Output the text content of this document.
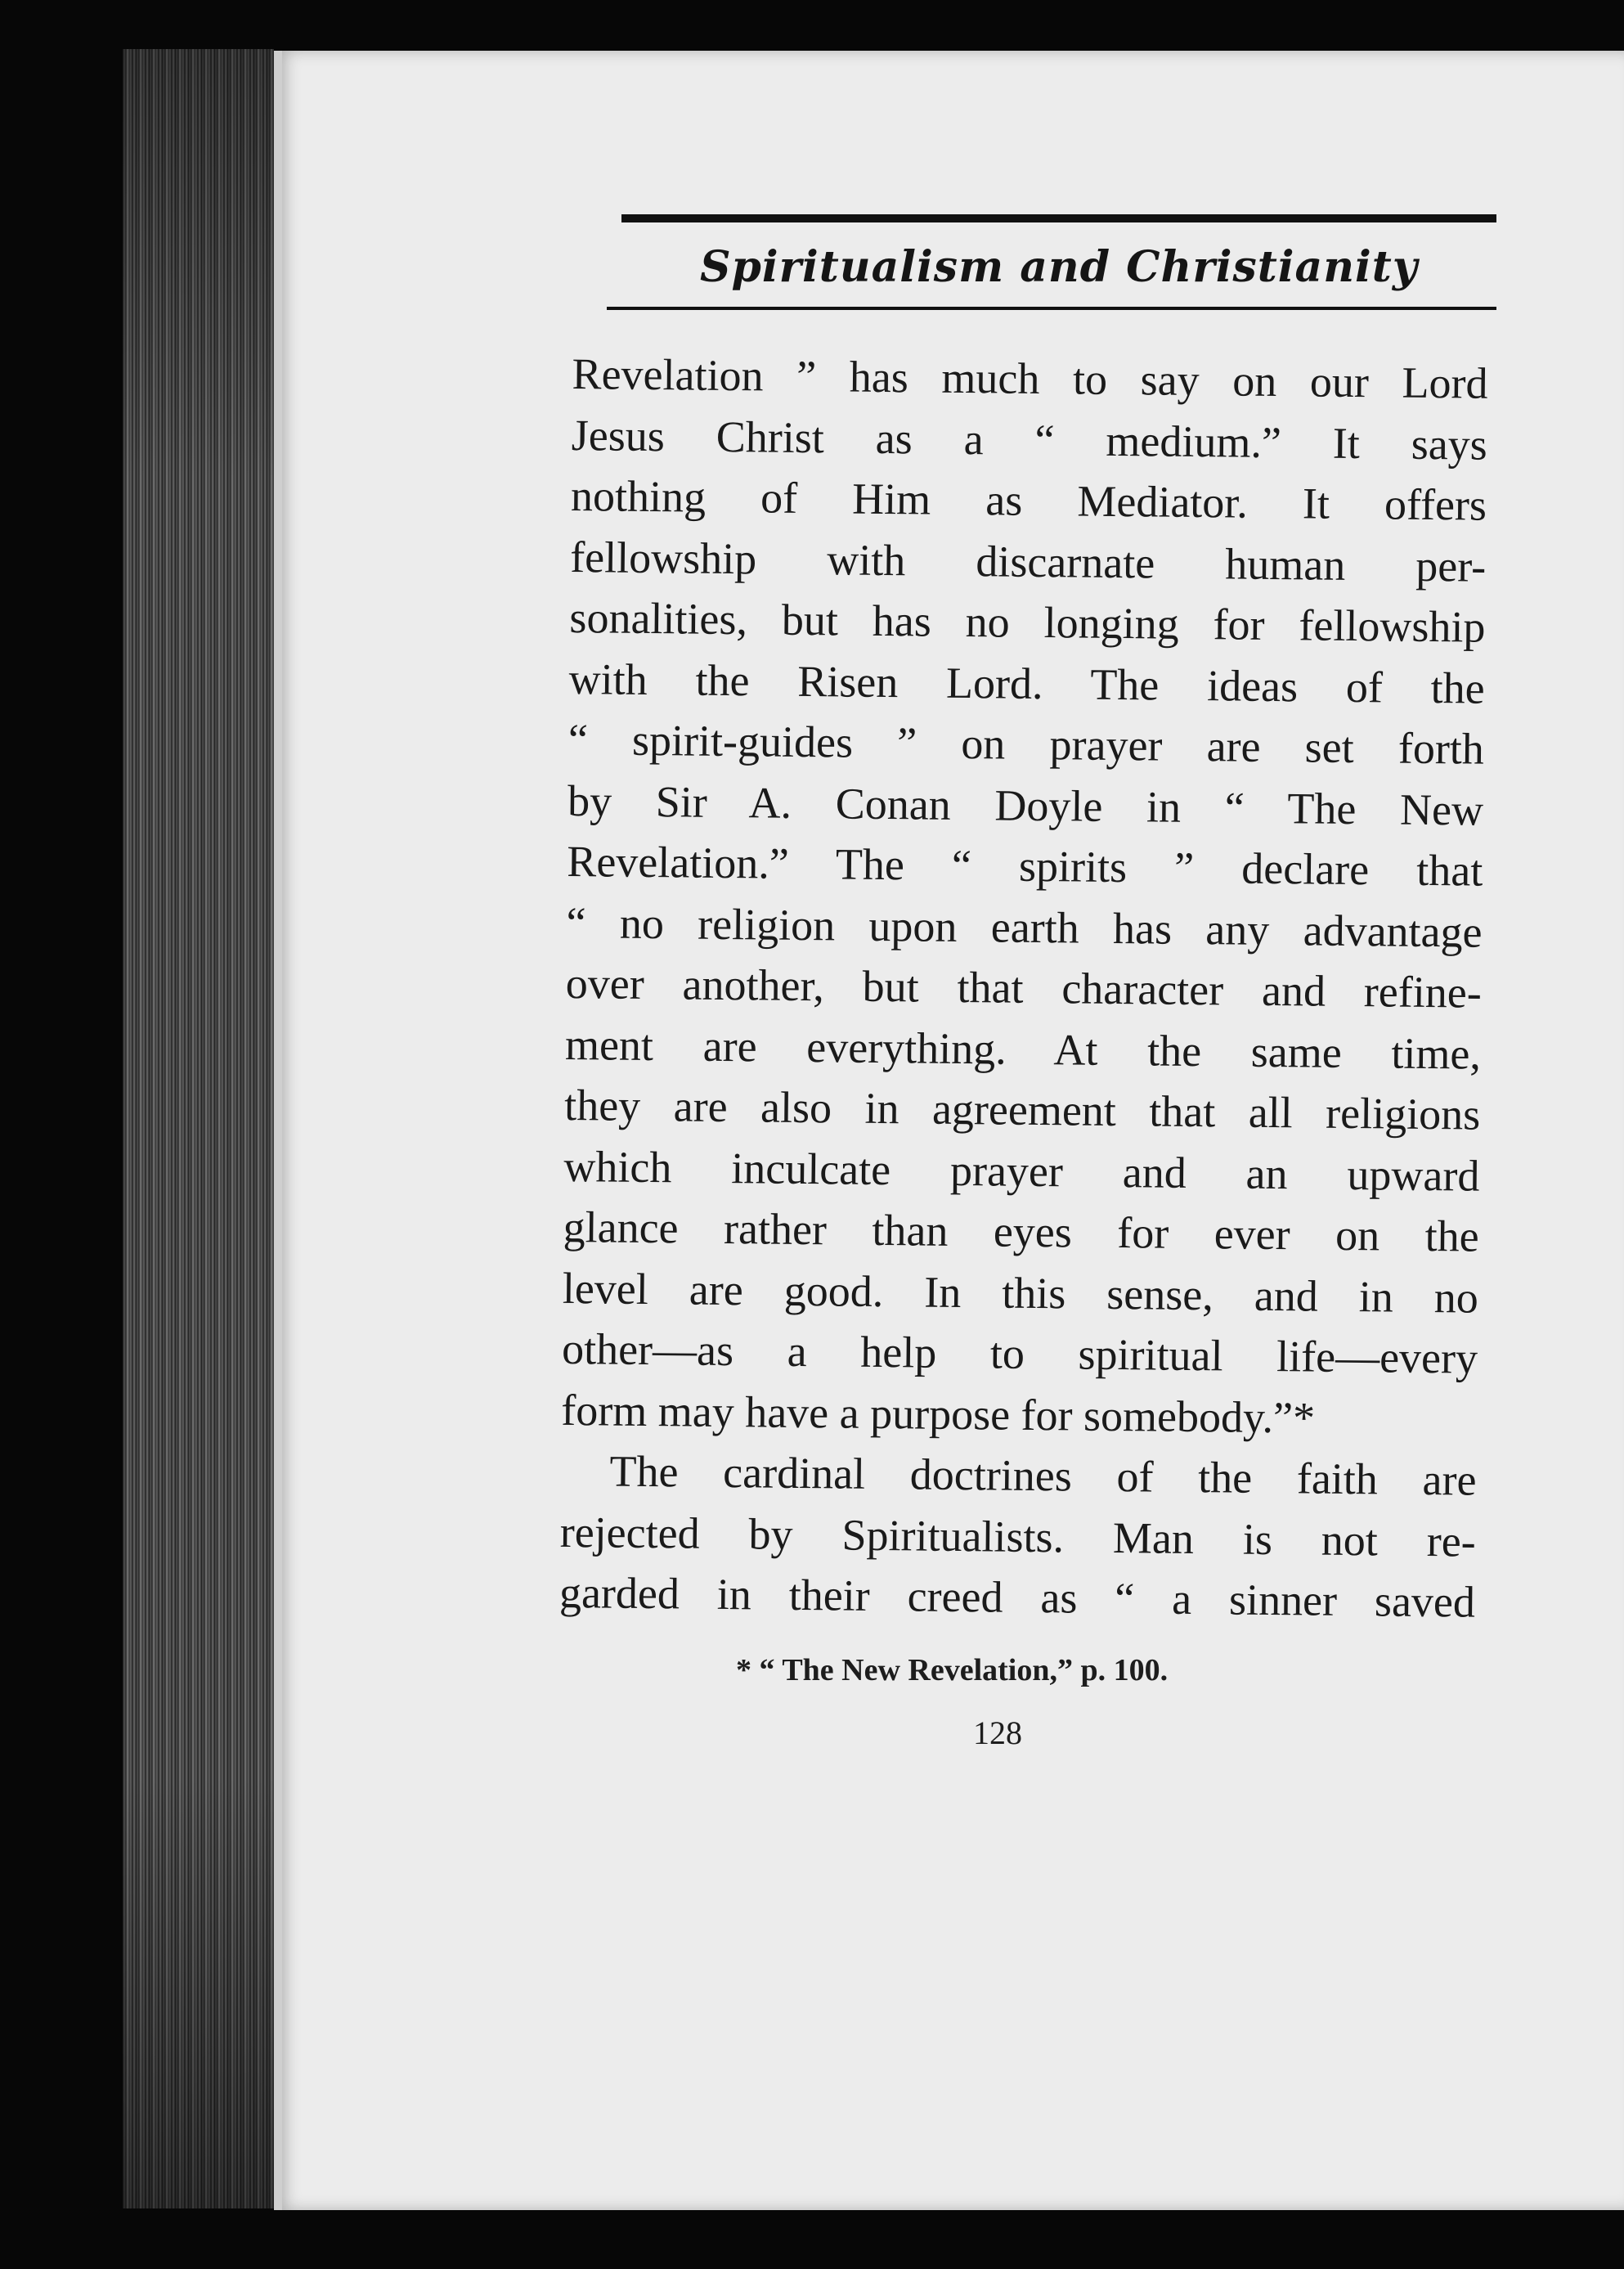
Spiritualism and Christianity
Revelation ” has much to say on our Lord
Jesus Christ as a “ medium.” It says
nothing of Him as Mediator. It offers
fellowship with discarnate human per-
sonalities, but has no longing for fellowship
with the Risen Lord. The ideas of the
“ spirit-guides ” on prayer are set forth
by Sir A. Conan Doyle in “ The New
Revelation.” The “ spirits ” declare that
“ no religion upon earth has any advantage
over another, but that character and refine-
ment are everything. At the same time,
they are also in agreement that all religions
which inculcate prayer and an upward
glance rather than eyes for ever on the
level are good. In this sense, and in no
other—as a help to spiritual life—every
form may have a purpose for somebody.”*
The cardinal doctrines of the faith are
rejected by Spiritualists. Man is not re-
garded in their creed as “ a sinner saved
* “ The New Revelation,” p. 100.
128
